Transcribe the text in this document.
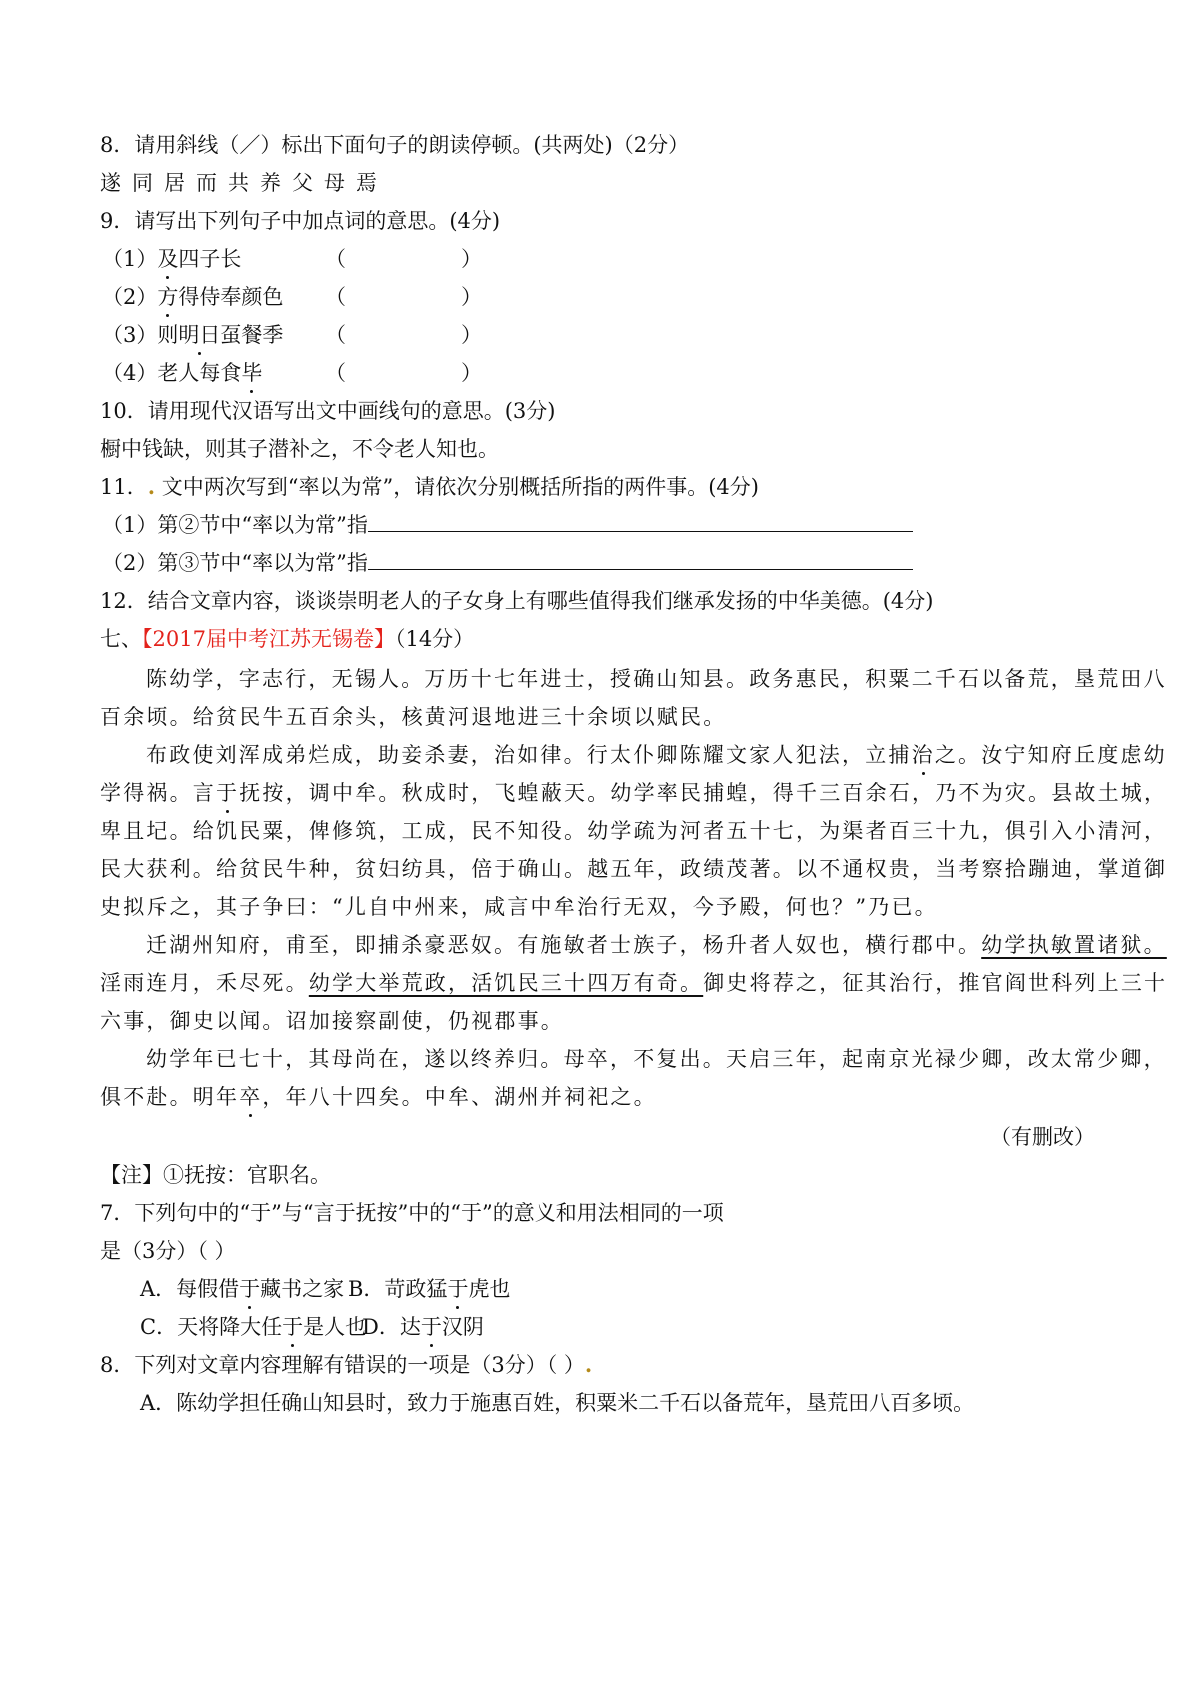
8．请用斜线（／）标出下面句子的朗读停顿。(共两处)（2分）
遂同居而共养父母焉
9．请写出下列句子中加点词的意思。(4分)
（1）及四子长	（	）
（2）方得侍奉颜色 （	）
（3）则明日虿餐季 （	）
（4）老人每食毕	（	）
10．请用现代汉语写出文中画线句的意思。(3分)
橱中钱缺，则其子潜补之，不令老人知也。
11．. 文中两次写到“率以为常”，请依次分别概括所指的两件事。(4分)
（1）第②节中“率以为常”指
（2）第③节中“率以为常”指
12．结合文章内容，谈谈崇明老人的子女身上有哪些值得我们继承发扬的中华美德。(4分)
七、【2017届中考江苏无锡卷】（14分）
陈幼学，字志行，无锡人。万历十七年进士，授确山知县。政务惠民，积粟二千石以备荒，垦荒田八
百余顷。给贫民牛五百余头，核黄河退地进三十余顷以赋民。
布政使刘浑成弟烂成，助妾杀妻，治如律。行太仆卿陈耀文家人犯法，立捕治之。汝宁知府丘度虑幼
学得祸。言于抚按，调中牟。秋成时，飞蝗蔽天。幼学率民捕蝗，得千三百余石，乃不为灾。县故土城，
卑且圮。给饥民粟，俾修筑，工成，民不知役。幼学疏为河者五十七，为渠者百三十九，俱引入小清河，
民大获利。给贫民牛种，贫妇纺具，倍于确山。越五年，政绩茂著。以不通权贵，当考察拾蹦迪，掌道御
史拟斥之，其子争曰：“儿自中州来，咸言中牟治行无双，今予殿，何也？”乃已。
迁湖州知府，甫至，即捕杀豪恶奴。有施敏者士族子，杨升者人奴也，横行郡中。幼学执敏置诸狱。
淫雨连月，禾尽死。幼学大举荒政，活饥民三十四万有奇。御史将荐之，征其治行，推官阎世科列上三十
六事，御史以闻。诏加接察副使，仍视郡事。
幼学年已七十，其母尚在，遂以终养归。母卒，不复出。天启三年，起南京光禄少卿，改太常少卿，
俱不赴。明年卒，年八十四矣。中牟、湖州并祠祀之。
（有删改）
【注】①抚按：官职名。
7．下列句中的“于”与“言于抚按”中的“于”的意义和用法相同的一项
是（3分）（ ）
A．每假借于藏书之家 B．苛政猛于虎也
C．天将降大任于是人也
D．达于汉阴
8．下列对文章内容理解有错误的一项是（3分）（ ）.
A．陈幼学担任确山知县时，致力于施惠百姓，积粟米二千石以备荒年，垦荒田八百多顷。
